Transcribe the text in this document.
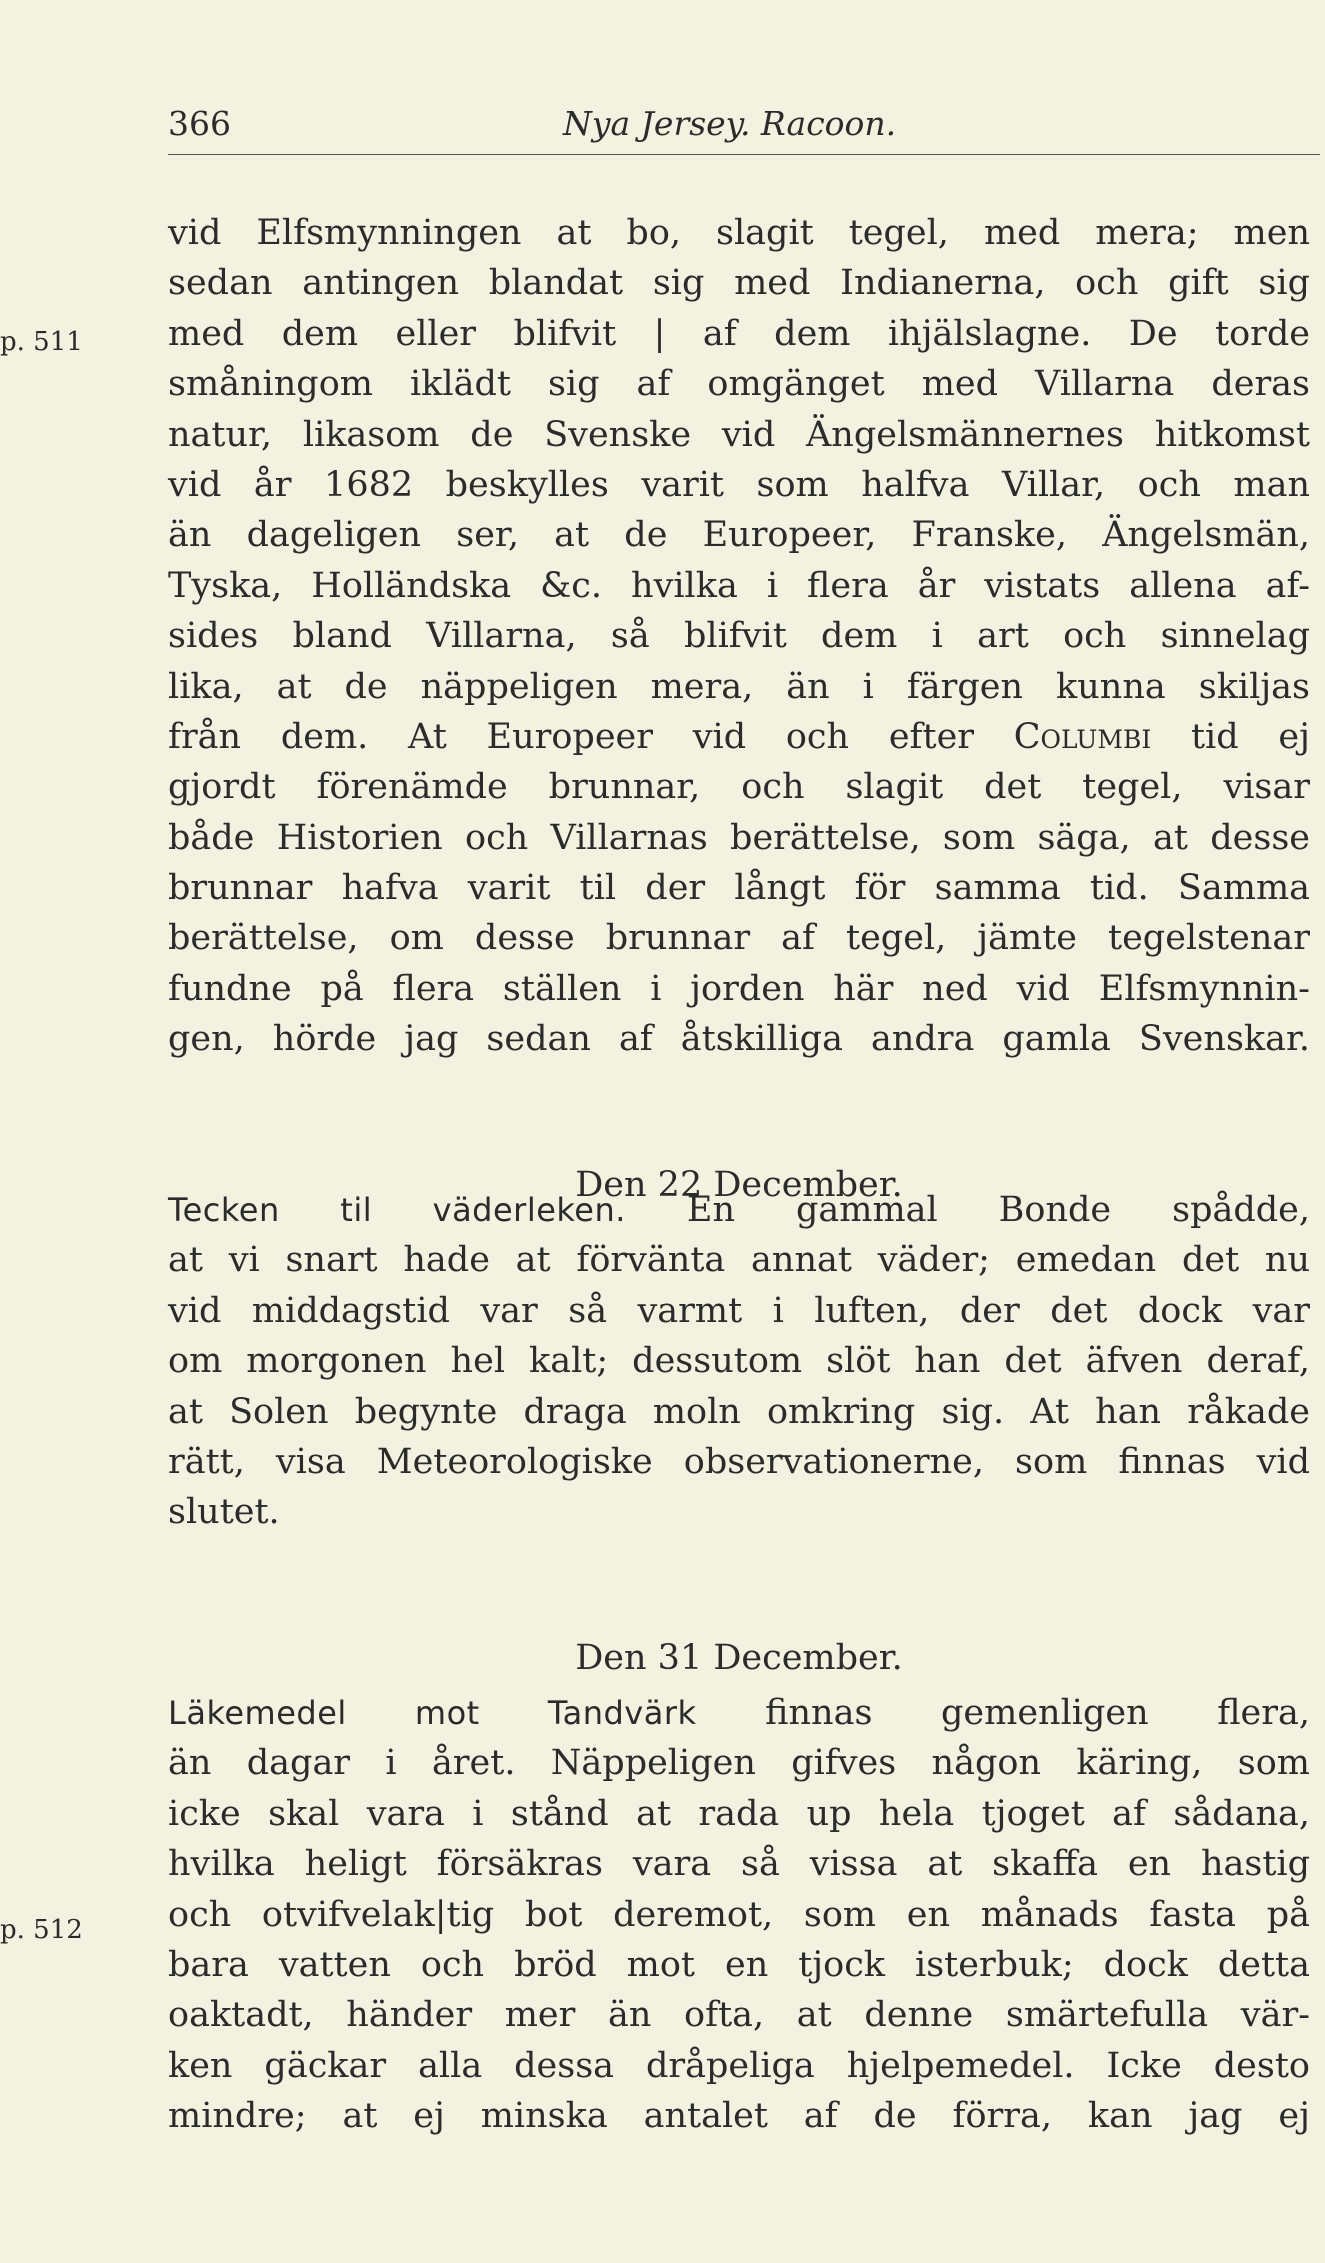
366	Nya Jersey. Racoon.
p. 511
p. 512
vid Elfsmynningen at bo, slagit tegel, med mera; men
sedan antingen blandat sig med Indianerna, och gift sig
med dem eller blifvit | af dem ihjälslagne. De torde
småningom iklädt sig af omgänget med Villarna deras
natur, likasom de Svenske vid Ängelsmännernes hitkomst
vid år 1682 beskylles varit som halfva Villar, och man
än dageligen ser, at de Europeer, Franske, Ängelsmän,
Tyska, Holländska &c. hvilka i flera år vistats allena af-
sides bland Villarna, så blifvit dem i art och sinnelag
lika, at de näppeligen mera, än i färgen kunna skiljas
från dem. At Europeer vid och efter Columbi tid ej
gjordt förenämde brunnar, och slagit det tegel, visar
både Historien och Villarnas berättelse, som säga, at desse
brunnar hafva varit til der långt för samma tid. Samma
berättelse, om desse brunnar af tegel, jämte tegelstenar
fundne på flera ställen i jorden här ned vid Elfsmynnin-
gen, hörde jag sedan af åtskilliga andra gamla Svenskar.
Den 22 December.
Tecken til väderleken. En gammal Bonde spådde,
at vi snart hade at förvänta annat väder; emedan det nu
vid middagstid var så varmt i luften, der det dock var
om morgonen hel kalt; dessutom slöt han det äfven deraf,
at Solen begynte draga moln omkring sig. At han råkade
rätt, visa Meteorologiske observationerne, som finnas vid
slutet.
Den 31 December.
Läkemedel mot Tandvärk finnas gemenligen flera,
än dagar i året. Näppeligen gifves någon käring, som
icke skal vara i stånd at rada up hela tjoget af sådana,
hvilka heligt försäkras vara så vissa at skaffa en hastig
och otvifvelak|tig bot deremot, som en månads fasta på
bara vatten och bröd mot en tjock isterbuk; dock detta
oaktadt, händer mer än ofta, at denne smärtefulla vär-
ken gäckar alla dessa dråpeliga hjelpemedel. Icke desto
mindre; at ej minska antalet af de förra, kan jag ej
